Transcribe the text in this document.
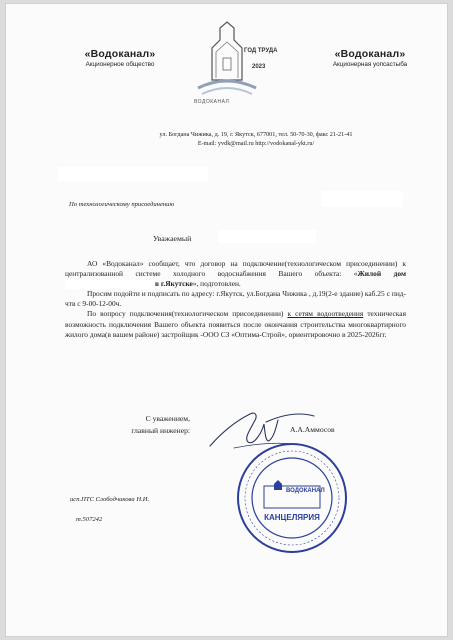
«Водоканал»
Акционерное общество
ГОД ТРУДА
2023
ВОДОКАНАЛ
«Водоканал»
Акционерная уопсастыба
ул. Богдана Чижика, д. 19, г. Якутск, 677001, тел. 50-70-30, факс 21-21-41
E-mail: yvdk@mail.ru http://vodokanal-ykt.ru/
По технологическому присоединению
Уважаемый

АО «Водоканал» сообщает, что договор на подключение(технологическом присоединении) к централизованной системе холодного водоснабжения Вашего объекта: «Жилой домв г.Якутске», подготовлен.

Просим подойти и подписать по адресу: г.Якутск, ул.Богдана Чижика , д.19(2-е здание) каб.25 с пнд-чтв с 9-00-12-00ч.

По вопросу подключения(технологическом присоединении) к сетям водоотведения техническая возможность подключения Вашего объекта появиться после окончания строительства многоквартирного жилого дома(в вашем районе) застройщик -ООО СЗ «Оптима-Строй», ориентировочно в 2025-2026гг.

С уважением,
главный инженер:	А.А.Аммосов
ВОДОКАНАЛ
КАНЦЕЛЯРИЯ
исп.ПТС Слободчикова Н.И.
т.507242
